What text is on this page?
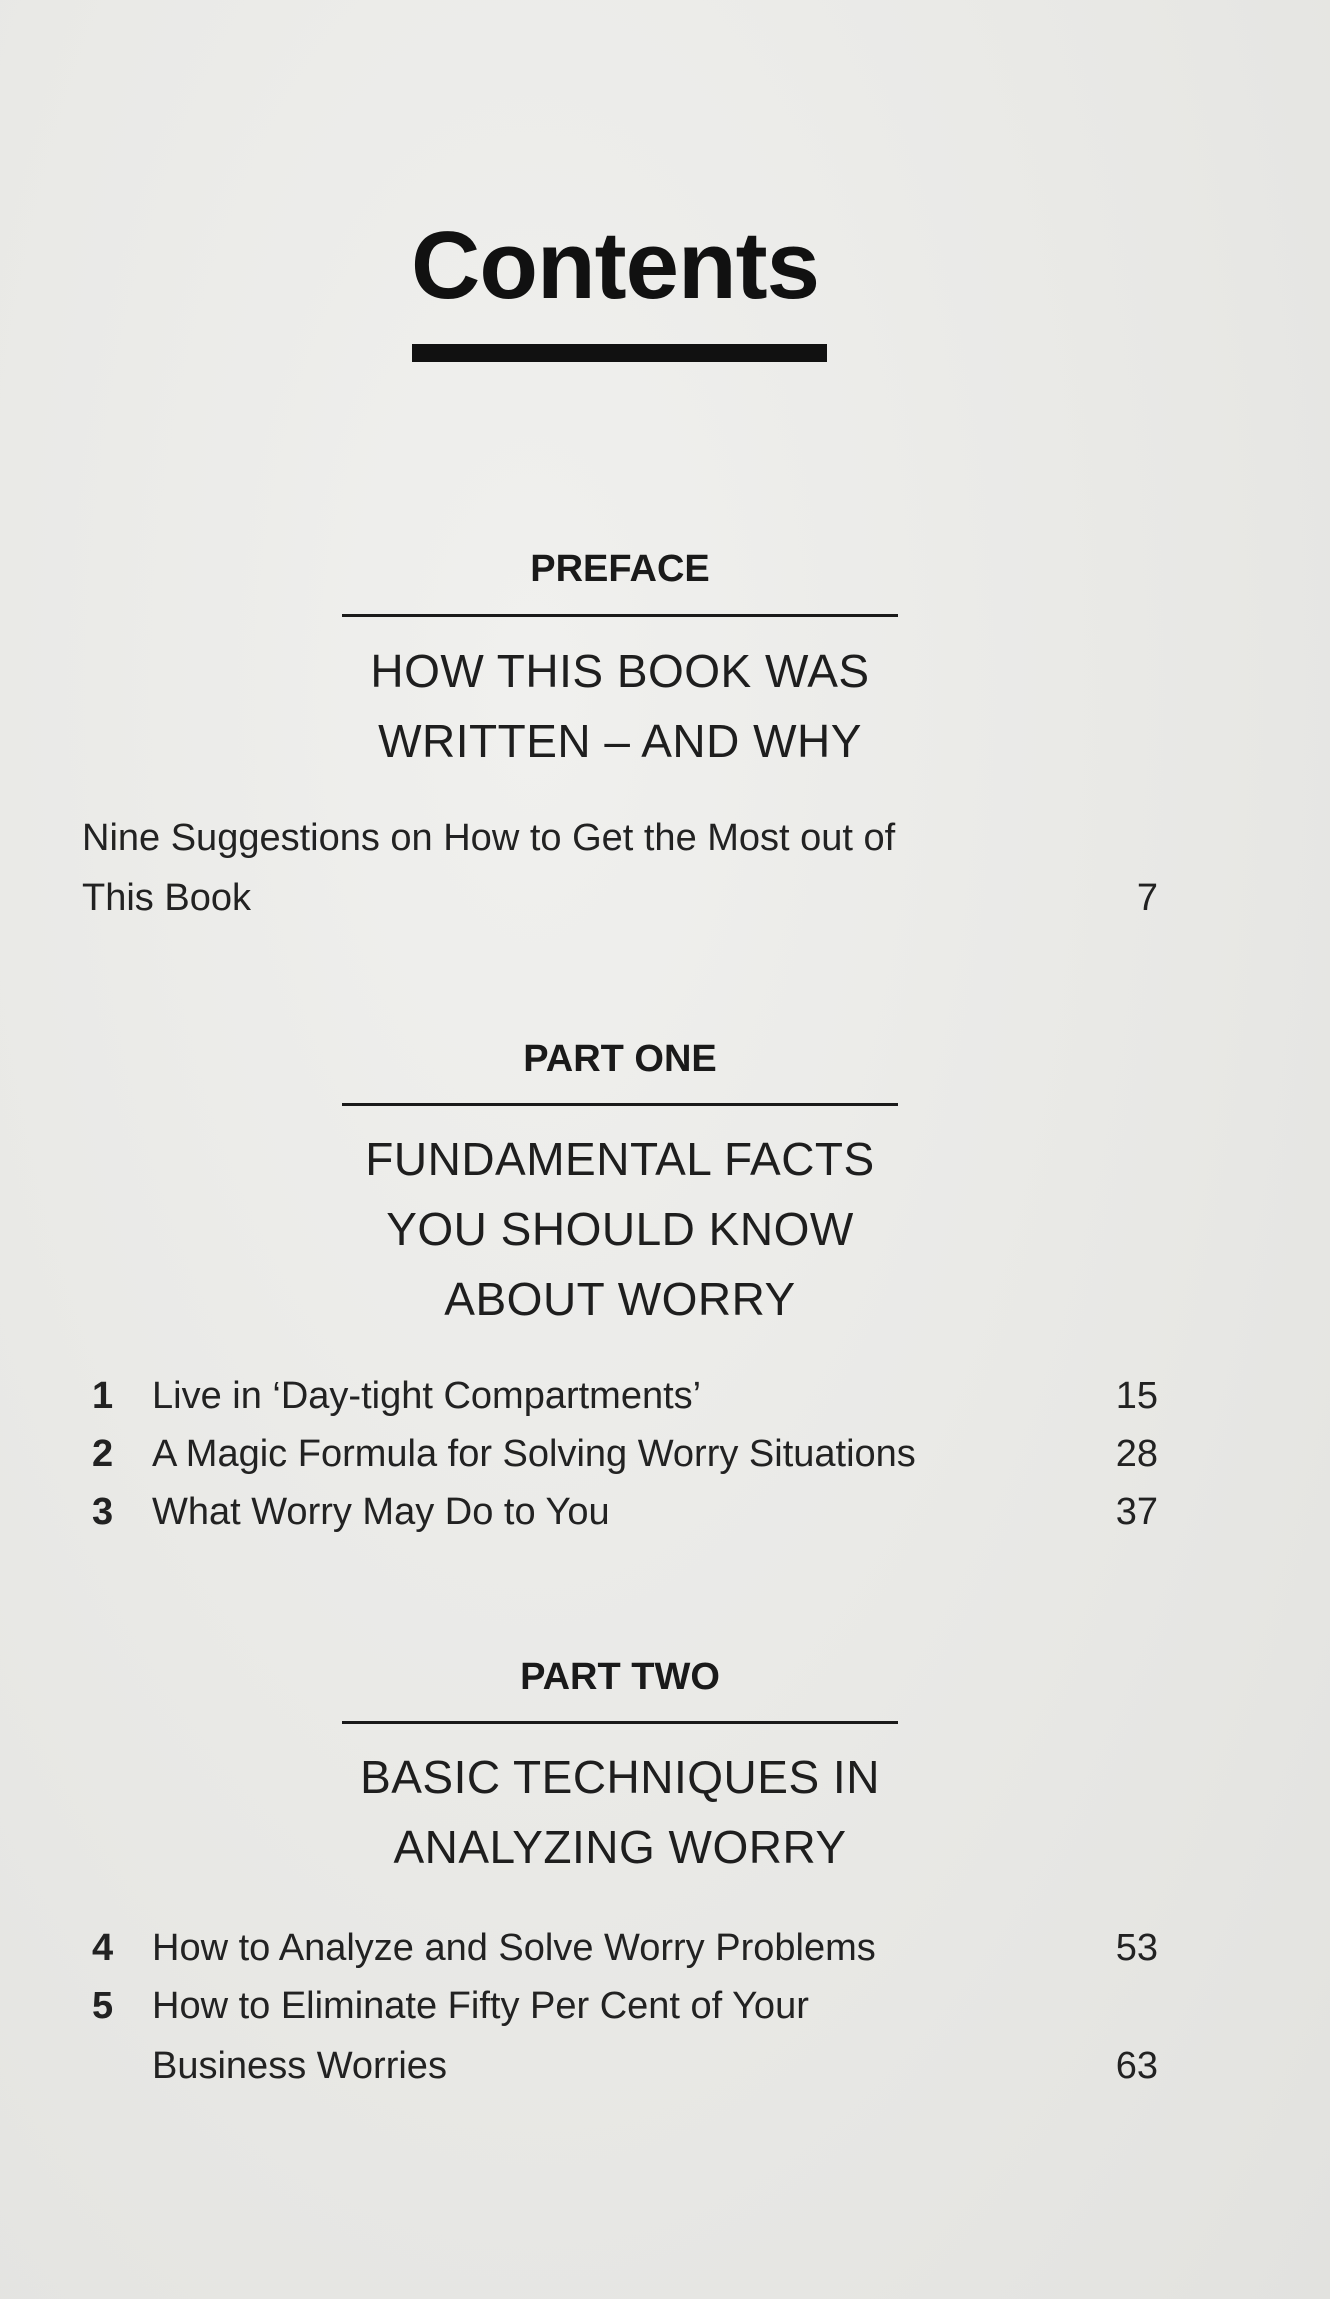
Contents
PREFACE
HOW THIS BOOK WAS
WRITTEN – AND WHY
Nine Suggestions on How to Get the Most out of
This Book	7
PART ONE
FUNDAMENTAL FACTS
YOU SHOULD KNOW
ABOUT WORRY
1 Live in ‘Day-tight Compartments’	15
2 A Magic Formula for Solving Worry Situations	28
3 What Worry May Do to You	37
PART TWO
BASIC TECHNIQUES IN
ANALYZING WORRY
4 How to Analyze and Solve Worry Problems	53
5 How to Eliminate Fifty Per Cent of Your
Business Worries	63
